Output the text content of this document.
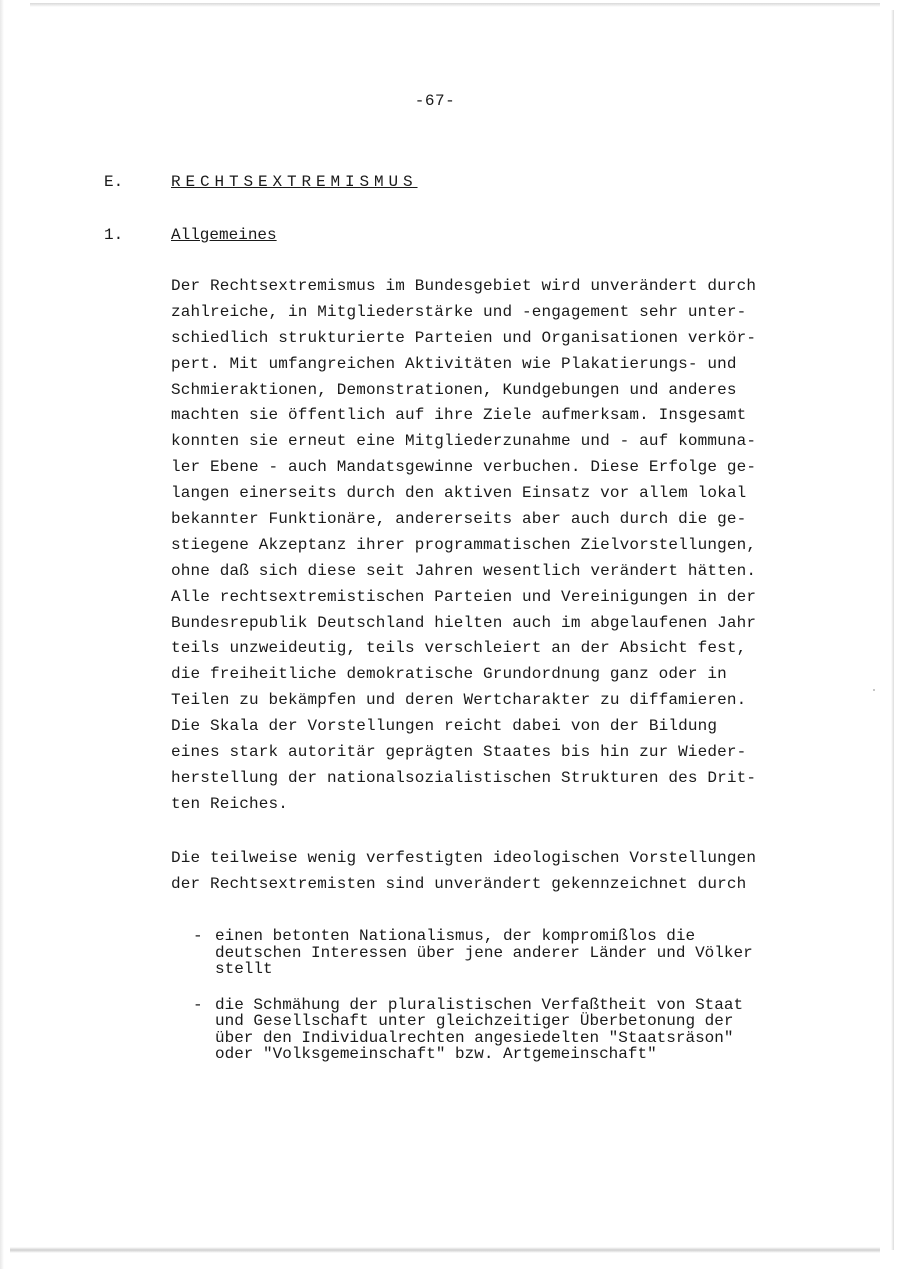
-67-
E.	RECHTSEXTREMISMUS
1.	Allgemeines
Der Rechtsextremismus im Bundesgebiet wird unverändert durch
zahlreiche, in Mitgliederstärke und -engagement sehr unter-
schiedlich strukturierte Parteien und Organisationen verkör-
pert. Mit umfangreichen Aktivitäten wie Plakatierungs- und
Schmieraktionen, Demonstrationen, Kundgebungen und anderes
machten sie öffentlich auf ihre Ziele aufmerksam. Insgesamt
konnten sie erneut eine Mitgliederzunahme und - auf kommuna-
ler Ebene - auch Mandatsgewinne verbuchen. Diese Erfolge ge-
langen einerseits durch den aktiven Einsatz vor allem lokal
bekannter Funktionäre, andererseits aber auch durch die ge-
stiegene Akzeptanz ihrer programmatischen Zielvorstellungen,
ohne daß sich diese seit Jahren wesentlich verändert hätten.
Alle rechtsextremistischen Parteien und Vereinigungen in der
Bundesrepublik Deutschland hielten auch im abgelaufenen Jahr
teils unzweideutig, teils verschleiert an der Absicht fest,
die freiheitliche demokratische Grundordnung ganz oder in
Teilen zu bekämpfen und deren Wertcharakter zu diffamieren.
Die Skala der Vorstellungen reicht dabei von der Bildung
eines stark autoritär geprägten Staates bis hin zur Wieder-
herstellung der nationalsozialistischen Strukturen des Drit-
ten Reiches.
Die teilweise wenig verfestigten ideologischen Vorstellungen
der Rechtsextremisten sind unverändert gekennzeichnet durch
- einen betonten Nationalismus, der kompromißlos die
deutschen Interessen über jene anderer Länder und Völker
stellt
- die Schmähung der pluralistischen Verfaßtheit von Staat
und Gesellschaft unter gleichzeitiger Überbetonung der
über den Individualrechten angesiedelten "Staatsräson"
oder "Volksgemeinschaft" bzw. Artgemeinschaft"
